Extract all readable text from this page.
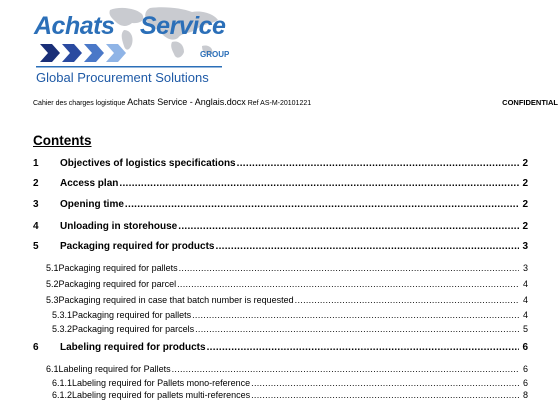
Achats Service
GROUP
Global Procurement Solutions
Cahier des charges logistique Achats Service - Anglais.docx Ref AS-M-20101221	CONFIDENTIAL
Contents
1	Objectives of logistics specifications .....	2
2	Access plan .....	2
3	Opening time .....	2
4	Unloading in storehouse .....	2
5	Packaging required for products .....	3
5.1 Packaging required for pallets .....	3
5.2 Packaging required for parcel .....	4
5.3 Packaging required in case that batch number is requested .....	4
5.3.1 Packaging required for pallets .....	4
5.3.2 Packaging required for parcels .....	5
6	Labeling required for products .....	6
6.1 Labeling required for Pallets .....	6
6.1.1 Labeling required for Pallets mono-reference .....	6
6.1.2 Labeling required for pallets multi-references .....	8
